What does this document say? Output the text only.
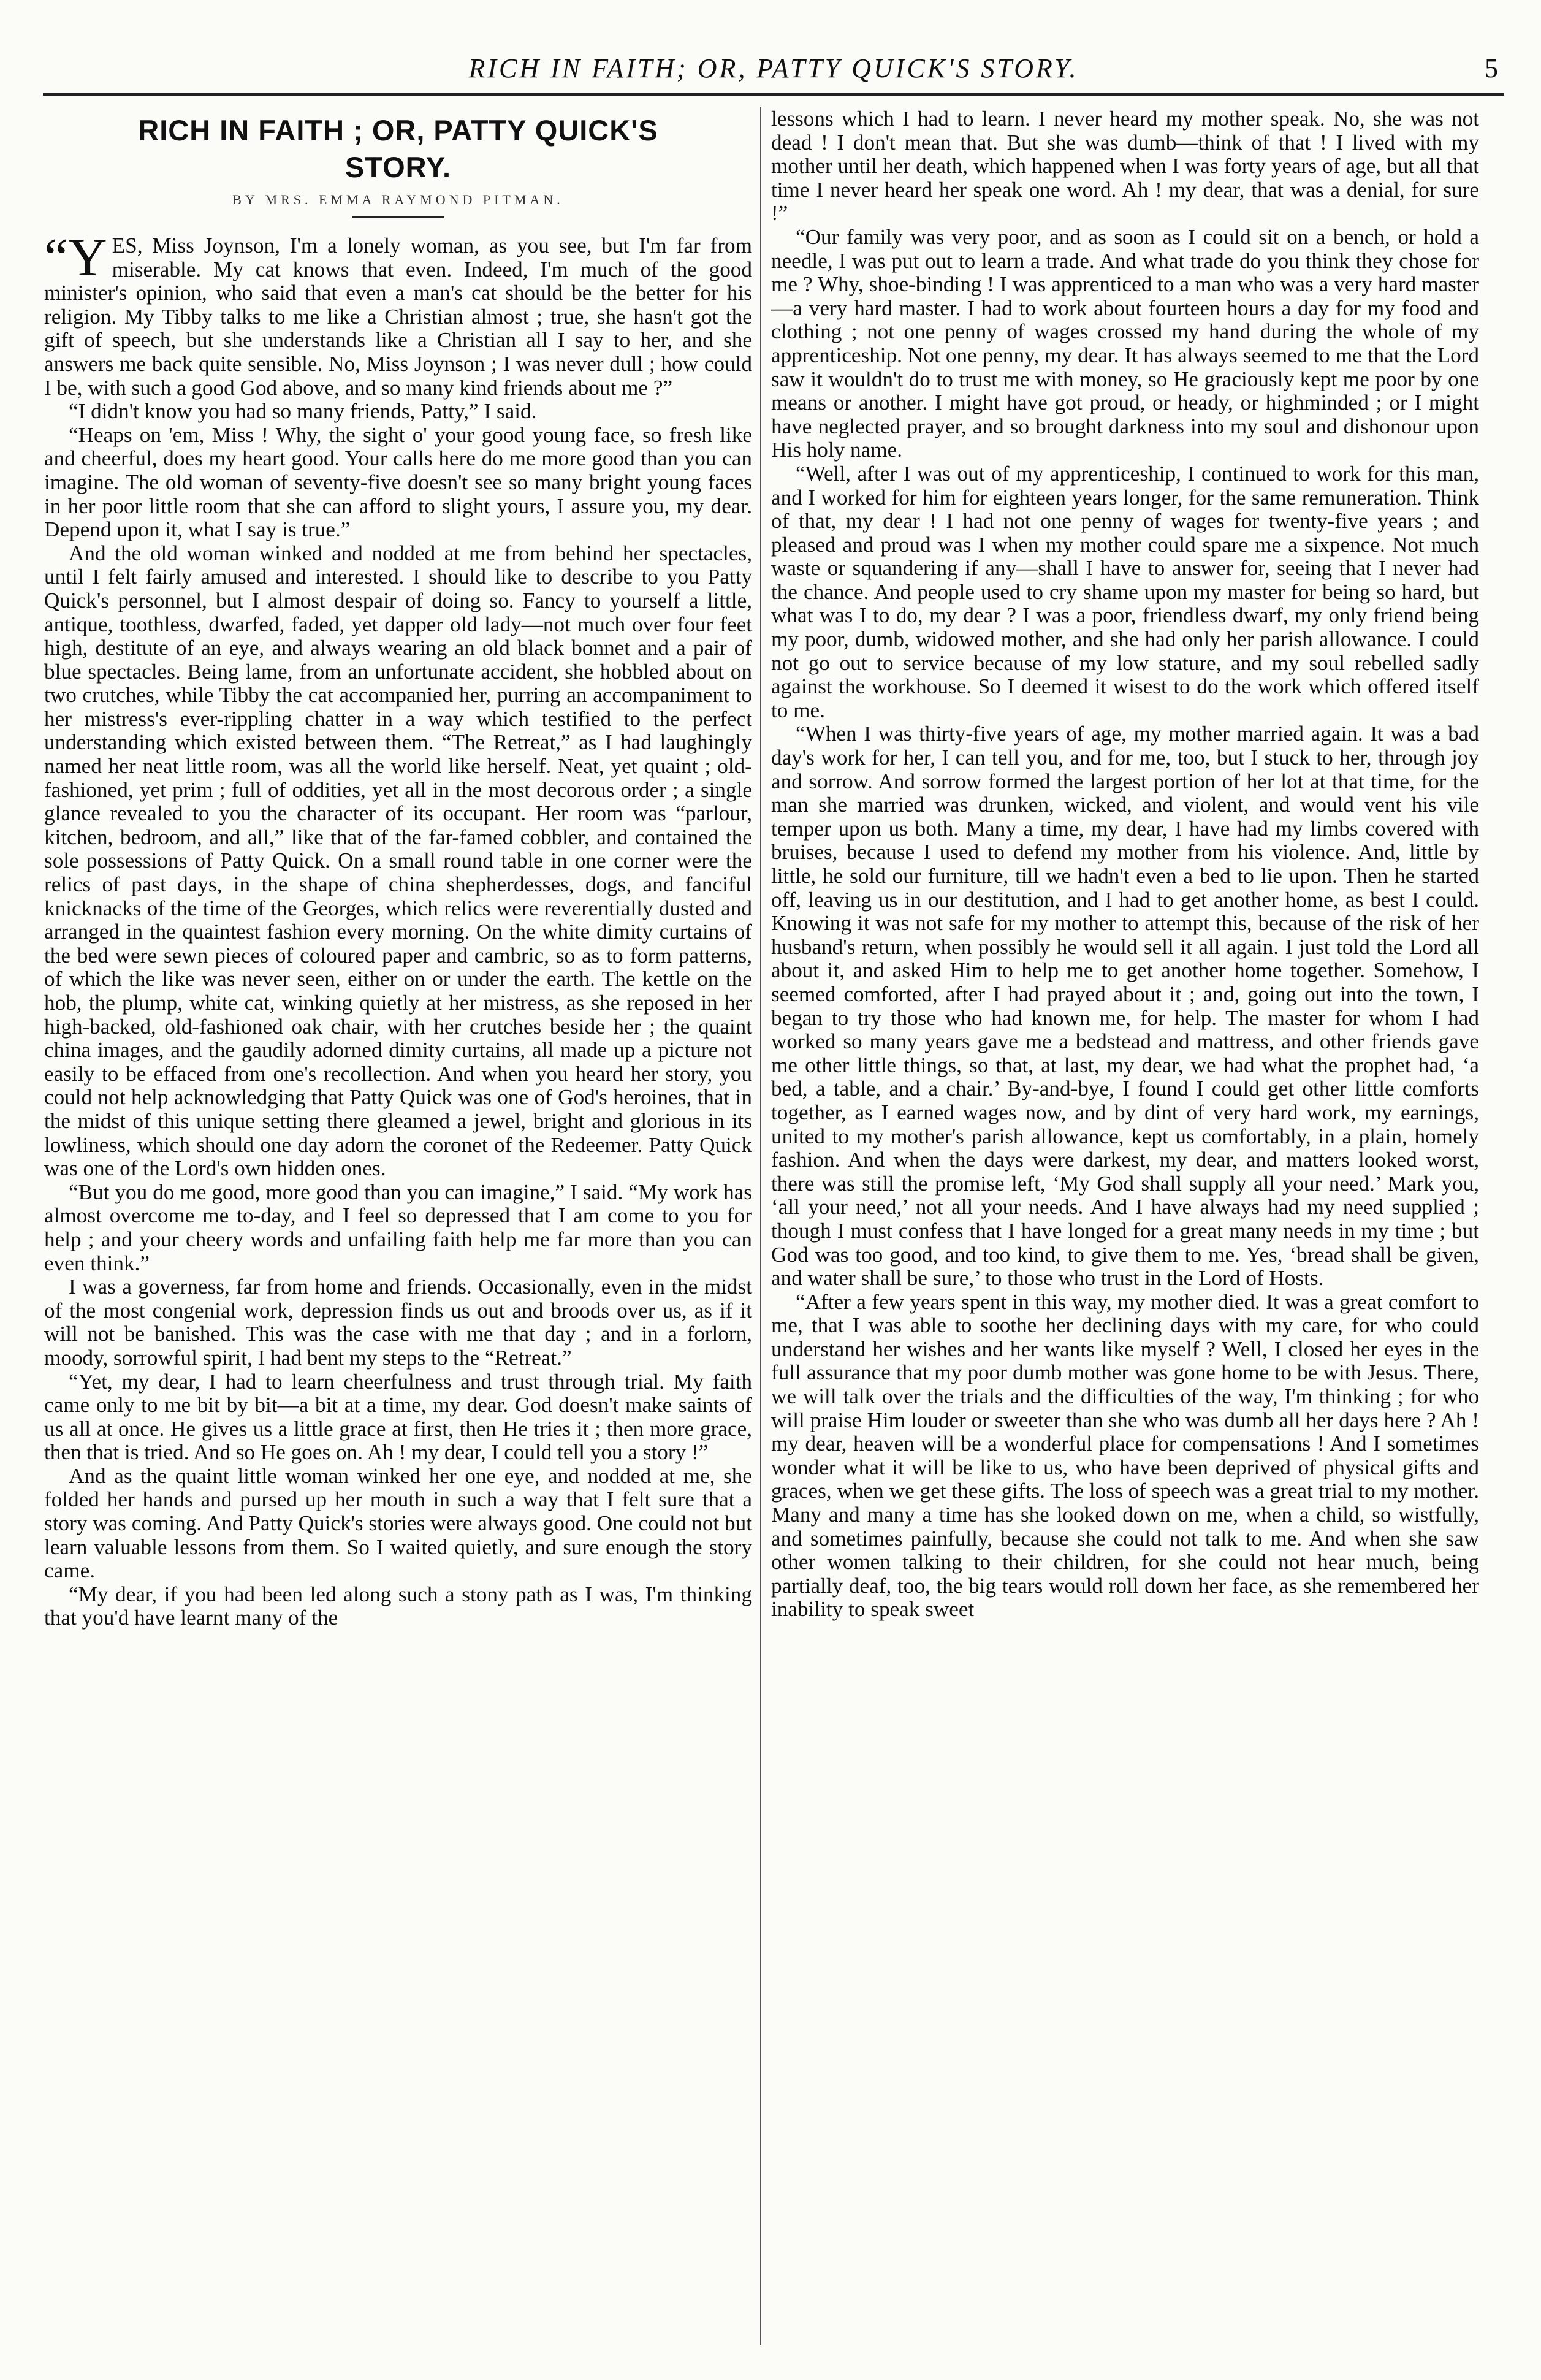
RICH IN FAITH; OR, PATTY QUICK'S STORY.	5
RICH IN FAITH ; OR, PATTY QUICK'S
STORY.
BY MRS. EMMA RAYMOND PITMAN.

“Y ES, Miss Joynson, I'm a lonely woman, as you see, but I'm far from miserable. My cat knows that even. Indeed, I'm much of the good minister's opinion, who said that even a man's cat should be the better for his religion. My Tibby talks to me like a Christian almost ; true, she hasn't got the gift of speech, but she understands like a Christian all I say to her, and she answers me back quite sensible. No, Miss Joynson ; I was never dull ; how could I be, with such a good God above, and so many kind friends about me ?”

“I didn't know you had so many friends, Patty,” I said.

“Heaps on 'em, Miss ! Why, the sight o' your good young face, so fresh like and cheerful, does my heart good. Your calls here do me more good than you can imagine. The old woman of seventy-five doesn't see so many bright young faces in her poor little room that she can afford to slight yours, I assure you, my dear. Depend upon it, what I say is true.”

And the old woman winked and nodded at me from behind her spectacles, until I felt fairly amused and interested. I should like to describe to you Patty Quick's personnel, but I almost despair of doing so. Fancy to yourself a little, antique, toothless, dwarfed, faded, yet dapper old lady—not much over four feet high, destitute of an eye, and always wearing an old black bonnet and a pair of blue spectacles. Being lame, from an unfortunate accident, she hobbled about on two crutches, while Tibby the cat accompanied her, purring an accompaniment to her mistress's ever-rippling chatter in a way which testified to the perfect understanding which existed between them. “The Retreat,” as I had laughingly named her neat little room, was all the world like herself. Neat, yet quaint ; old-fashioned, yet prim ; full of oddities, yet all in the most decorous order ; a single glance revealed to you the character of its occupant. Her room was “parlour, kitchen, bedroom, and all,” like that of the far-famed cobbler, and contained the sole possessions of Patty Quick. On a small round table in one corner were the relics of past days, in the shape of china shepherdesses, dogs, and fanciful knicknacks of the time of the Georges, which relics were reverentially dusted and arranged in the quaintest fashion every morning. On the white dimity curtains of the bed were sewn pieces of coloured paper and cambric, so as to form patterns, of which the like was never seen, either on or under the earth. The kettle on the hob, the plump, white cat, winking quietly at her mistress, as she reposed in her high-backed, old-fashioned oak chair, with her crutches beside her ; the quaint china images, and the gaudily adorned dimity curtains, all made up a picture not easily to be effaced from one's recollection. And when you heard her story, you could not help acknowledging that Patty Quick was one of God's heroines, that in the midst of this unique setting there gleamed a jewel, bright and glorious in its lowliness, which should one day adorn the coronet of the Redeemer. Patty Quick was one of the Lord's own hidden ones.

“But you do me good, more good than you can imagine,” I said. “My work has almost overcome me to-day, and I feel so depressed that I am come to you for help ; and your cheery words and unfailing faith help me far more than you can even think.”

I was a governess, far from home and friends. Occasionally, even in the midst of the most congenial work, depression finds us out and broods over us, as if it will not be banished. This was the case with me that day ; and in a forlorn, moody, sorrowful spirit, I had bent my steps to the “Retreat.”

“Yet, my dear, I had to learn cheerfulness and trust through trial. My faith came only to me bit by bit—a bit at a time, my dear. God doesn't make saints of us all at once. He gives us a little grace at first, then He tries it ; then more grace, then that is tried. And so He goes on. Ah ! my dear, I could tell you a story !”

And as the quaint little woman winked her one eye, and nodded at me, she folded her hands and pursed up her mouth in such a way that I felt sure that a story was coming. And Patty Quick's stories were always good. One could not but learn valuable lessons from them. So I waited quietly, and sure enough the story came.

“My dear, if you had been led along such a stony path as I was, I'm thinking that you'd have learnt many of the

lessons which I had to learn. I never heard my mother speak. No, she was not dead ! I don't mean that. But she was dumb—think of that ! I lived with my mother until her death, which happened when I was forty years of age, but all that time I never heard her speak one word. Ah ! my dear, that was a denial, for sure !”

“Our family was very poor, and as soon as I could sit on a bench, or hold a needle, I was put out to learn a trade. And what trade do you think they chose for me ? Why, shoe-binding ! I was apprenticed to a man who was a very hard master—a very hard master. I had to work about fourteen hours a day for my food and clothing ; not one penny of wages crossed my hand during the whole of my apprenticeship. Not one penny, my dear. It has always seemed to me that the Lord saw it wouldn't do to trust me with money, so He graciously kept me poor by one means or another. I might have got proud, or heady, or highminded ; or I might have neglected prayer, and so brought darkness into my soul and dishonour upon His holy name.

“Well, after I was out of my apprenticeship, I continued to work for this man, and I worked for him for eighteen years longer, for the same remuneration. Think of that, my dear ! I had not one penny of wages for twenty-five years ; and pleased and proud was I when my mother could spare me a sixpence. Not much waste or squandering if any—shall I have to answer for, seeing that I never had the chance. And people used to cry shame upon my master for being so hard, but what was I to do, my dear ? I was a poor, friendless dwarf, my only friend being my poor, dumb, widowed mother, and she had only her parish allowance. I could not go out to service because of my low stature, and my soul rebelled sadly against the workhouse. So I deemed it wisest to do the work which offered itself to me.

“When I was thirty-five years of age, my mother married again. It was a bad day's work for her, I can tell you, and for me, too, but I stuck to her, through joy and sorrow. And sorrow formed the largest portion of her lot at that time, for the man she married was drunken, wicked, and violent, and would vent his vile temper upon us both. Many a time, my dear, I have had my limbs covered with bruises, because I used to defend my mother from his violence. And, little by little, he sold our furniture, till we hadn't even a bed to lie upon. Then he started off, leaving us in our destitution, and I had to get another home, as best I could. Knowing it was not safe for my mother to attempt this, because of the risk of her husband's return, when possibly he would sell it all again. I just told the Lord all about it, and asked Him to help me to get another home together. Somehow, I seemed comforted, after I had prayed about it ; and, going out into the town, I began to try those who had known me, for help. The master for whom I had worked so many years gave me a bedstead and mattress, and other friends gave me other little things, so that, at last, my dear, we had what the prophet had, ‘a bed, a table, and a chair.’ By-and-bye, I found I could get other little comforts together, as I earned wages now, and by dint of very hard work, my earnings, united to my mother's parish allowance, kept us comfortably, in a plain, homely fashion. And when the days were darkest, my dear, and matters looked worst, there was still the promise left, ‘My God shall supply all your need.’ Mark you, ‘all your need,’ not all your needs. And I have always had my need supplied ; though I must confess that I have longed for a great many needs in my time ; but God was too good, and too kind, to give them to me. Yes, ‘bread shall be given, and water shall be sure,’ to those who trust in the Lord of Hosts.

“After a few years spent in this way, my mother died. It was a great comfort to me, that I was able to soothe her declining days with my care, for who could understand her wishes and her wants like myself ? Well, I closed her eyes in the full assurance that my poor dumb mother was gone home to be with Jesus. There, we will talk over the trials and the difficulties of the way, I'm thinking ; for who will praise Him louder or sweeter than she who was dumb all her days here ? Ah ! my dear, heaven will be a wonderful place for compensations ! And I sometimes wonder what it will be like to us, who have been deprived of physical gifts and graces, when we get these gifts. The loss of speech was a great trial to my mother. Many and many a time has she looked down on me, when a child, so wistfully, and sometimes painfully, because she could not talk to me. And when she saw other women talking to their children, for she could not hear much, being partially deaf, too, the big tears would roll down her face, as she remembered her inability to speak sweet
